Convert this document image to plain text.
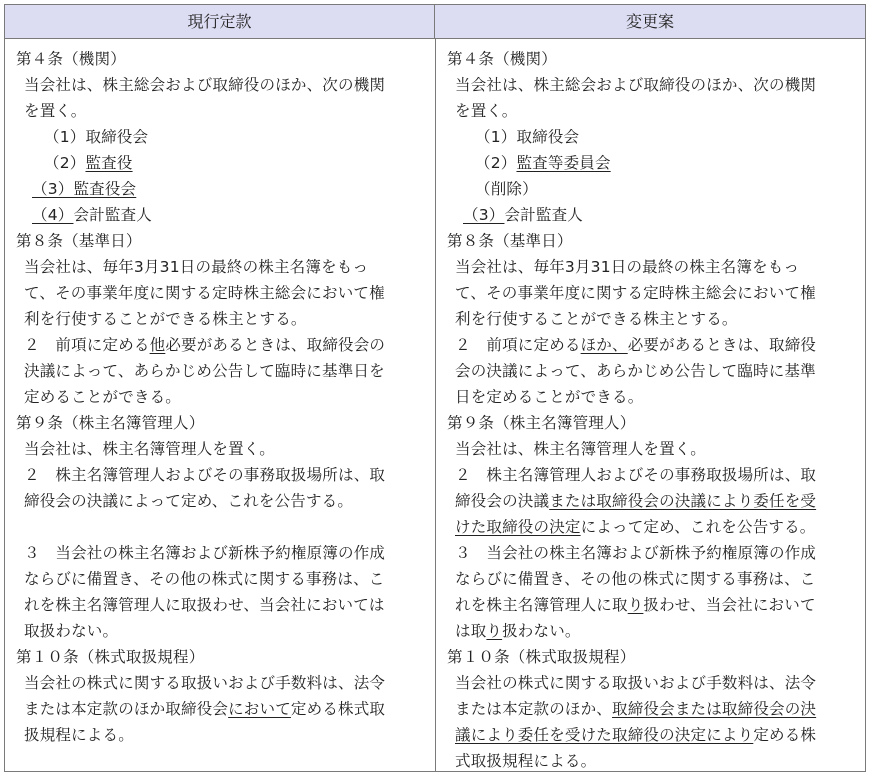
現行定款	変更案
第４条（機関）
当会社は、株主総会および取締役のほか、次の機関
を置く。
（1）取締役会
（2）監査役
（3）監査役会
（4）会計監査人
第８条（基準日）
当会社は、毎年3月31日の最終の株主名簿をもっ
て、その事業年度に関する定時株主総会において権
利を行使することができる株主とする。
２　前項に定める他必要があるときは、取締役会の
決議によって、あらかじめ公告して臨時に基準日を
定めることができる。
第９条（株主名簿管理人）
当会社は、株主名簿管理人を置く。
２　株主名簿管理人およびその事務取扱場所は、取
締役会の決議によって定め、これを公告する。
３　当会社の株主名簿および新株予約権原簿の作成
ならびに備置き、その他の株式に関する事務は、こ
れを株主名簿管理人に取扱わせ、当会社においては
取扱わない。
第１０条（株式取扱規程）
当会社の株式に関する取扱いおよび手数料は、法令
または本定款のほか取締役会において定める株式取
扱規程による。
第４条（機関）
当会社は、株主総会および取締役のほか、次の機関
を置く。
（1）取締役会
（2）監査等委員会
（削除）
（3）会計監査人
第８条（基準日）
当会社は、毎年3月31日の最終の株主名簿をもっ
て、その事業年度に関する定時株主総会において権
利を行使することができる株主とする。
２　前項に定めるほか、必要があるときは、取締役
会の決議によって、あらかじめ公告して臨時に基準
日を定めることができる。
第９条（株主名簿管理人）
当会社は、株主名簿管理人を置く。
２　株主名簿管理人およびその事務取扱場所は、取
締役会の決議または取締役会の決議により委任を受
けた取締役の決定によって定め、これを公告する。
３　当会社の株主名簿および新株予約権原簿の作成
ならびに備置き、その他の株式に関する事務は、こ
れを株主名簿管理人に取り扱わせ、当会社において
は取り扱わない。
第１０条（株式取扱規程）
当会社の株式に関する取扱いおよび手数料は、法令
または本定款のほか、取締役会または取締役会の決
議により委任を受けた取締役の決定により定める株
式取扱規程による。
